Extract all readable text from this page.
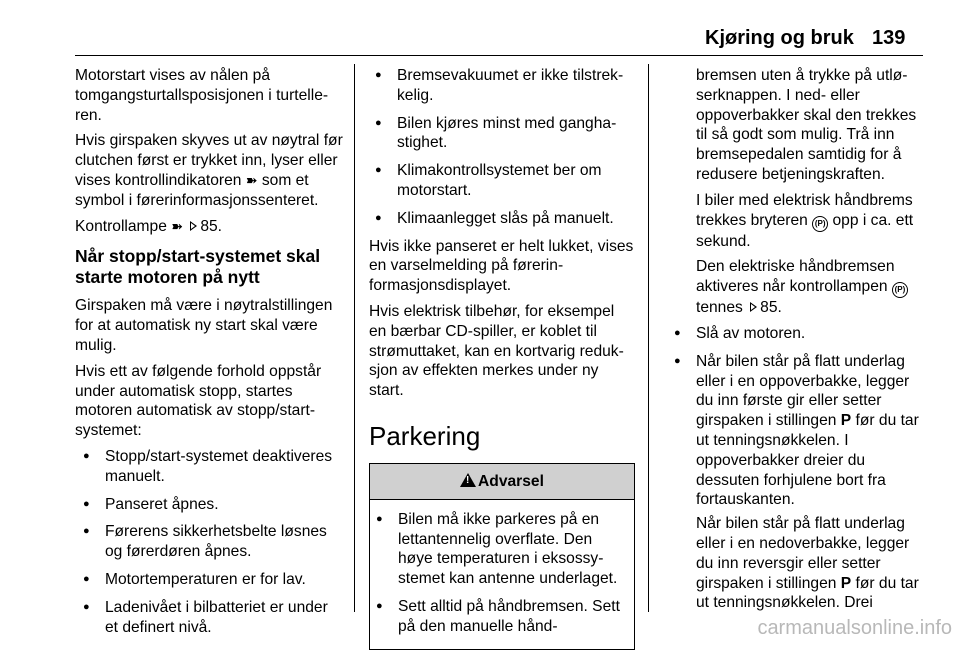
Kjøring og bruk 139

Motorstart vises av nålen på tomgangsturtallsposisjonen i turtelleren.

Hvis girspaken skyves ut av nøytral før clutchen først er trykket inn, lyser eller vises kontrollindikatoren ➽ som et symbol i førerinformasjonssenteret.

Kontrollampe ➽ 85.

Når stopp/start-systemet skal starte motoren på nytt

Girspaken må være i nøytralstillingen for at automatisk ny start skal være mulig.

Hvis ett av følgende forhold oppstår under automatisk stopp, startes motoren automatisk av stopp/start-systemet:

● Stopp/start-systemet deaktiveres manuelt.
● Panseret åpnes.
● Førerens sikkerhetsbelte løsnes og førerdøren åpnes.
● Motortemperaturen er for lav.
● Ladenivået i bilbatteriet er under et definert nivå.
● Bremsevakuumet er ikke tilstrekkelig.
● Bilen kjøres minst med ganghastighet.
● Klimakontrollsystemet ber om motorstart.
● Klimaanlegget slås på manuelt.

Hvis ikke panseret er helt lukket, vises en varselmelding på førerinformasjonsdisplayet.

Hvis elektrisk tilbehør, for eksempel en bærbar CD-spiller, er koblet til strømuttaket, kan en kortvarig reduksjon av effekten merkes under ny start.

Parkering
!Advarsel
● Bilen må ikke parkeres på en lettantennelig overflate. Den høye temperaturen i eksossystemet kan antenne underlaget.
● Sett alltid på håndbremsen. Sett på den manuelle hånd-

bremsen uten å trykke på utløserknappen. I ned- eller oppoverbakker skal den trekkes til så godt som mulig. Trå inn bremsepedalen samtidig for å redusere betjeningskraften.

I biler med elektrisk håndbrems trekkes bryteren (P) opp i ca. ett sekund.

Den elektriske håndbremsen aktiveres når kontrollampen (P) tennes 85.

● Slå av motoren.
● Når bilen står på flatt underlag eller i en oppoverbakke, legger du inn første gir eller setter girspaken i stillingen P før du tar ut tenningsnøkkelen. I oppoverbakker dreier du dessuten forhjulene bort fra fortauskanten.
Når bilen står på flatt underlag eller i en nedoverbakke, legger du inn reversgir eller setter girspaken i stillingen P før du tar ut tenningsnøkkelen. Drei
carmanualsonline.info
